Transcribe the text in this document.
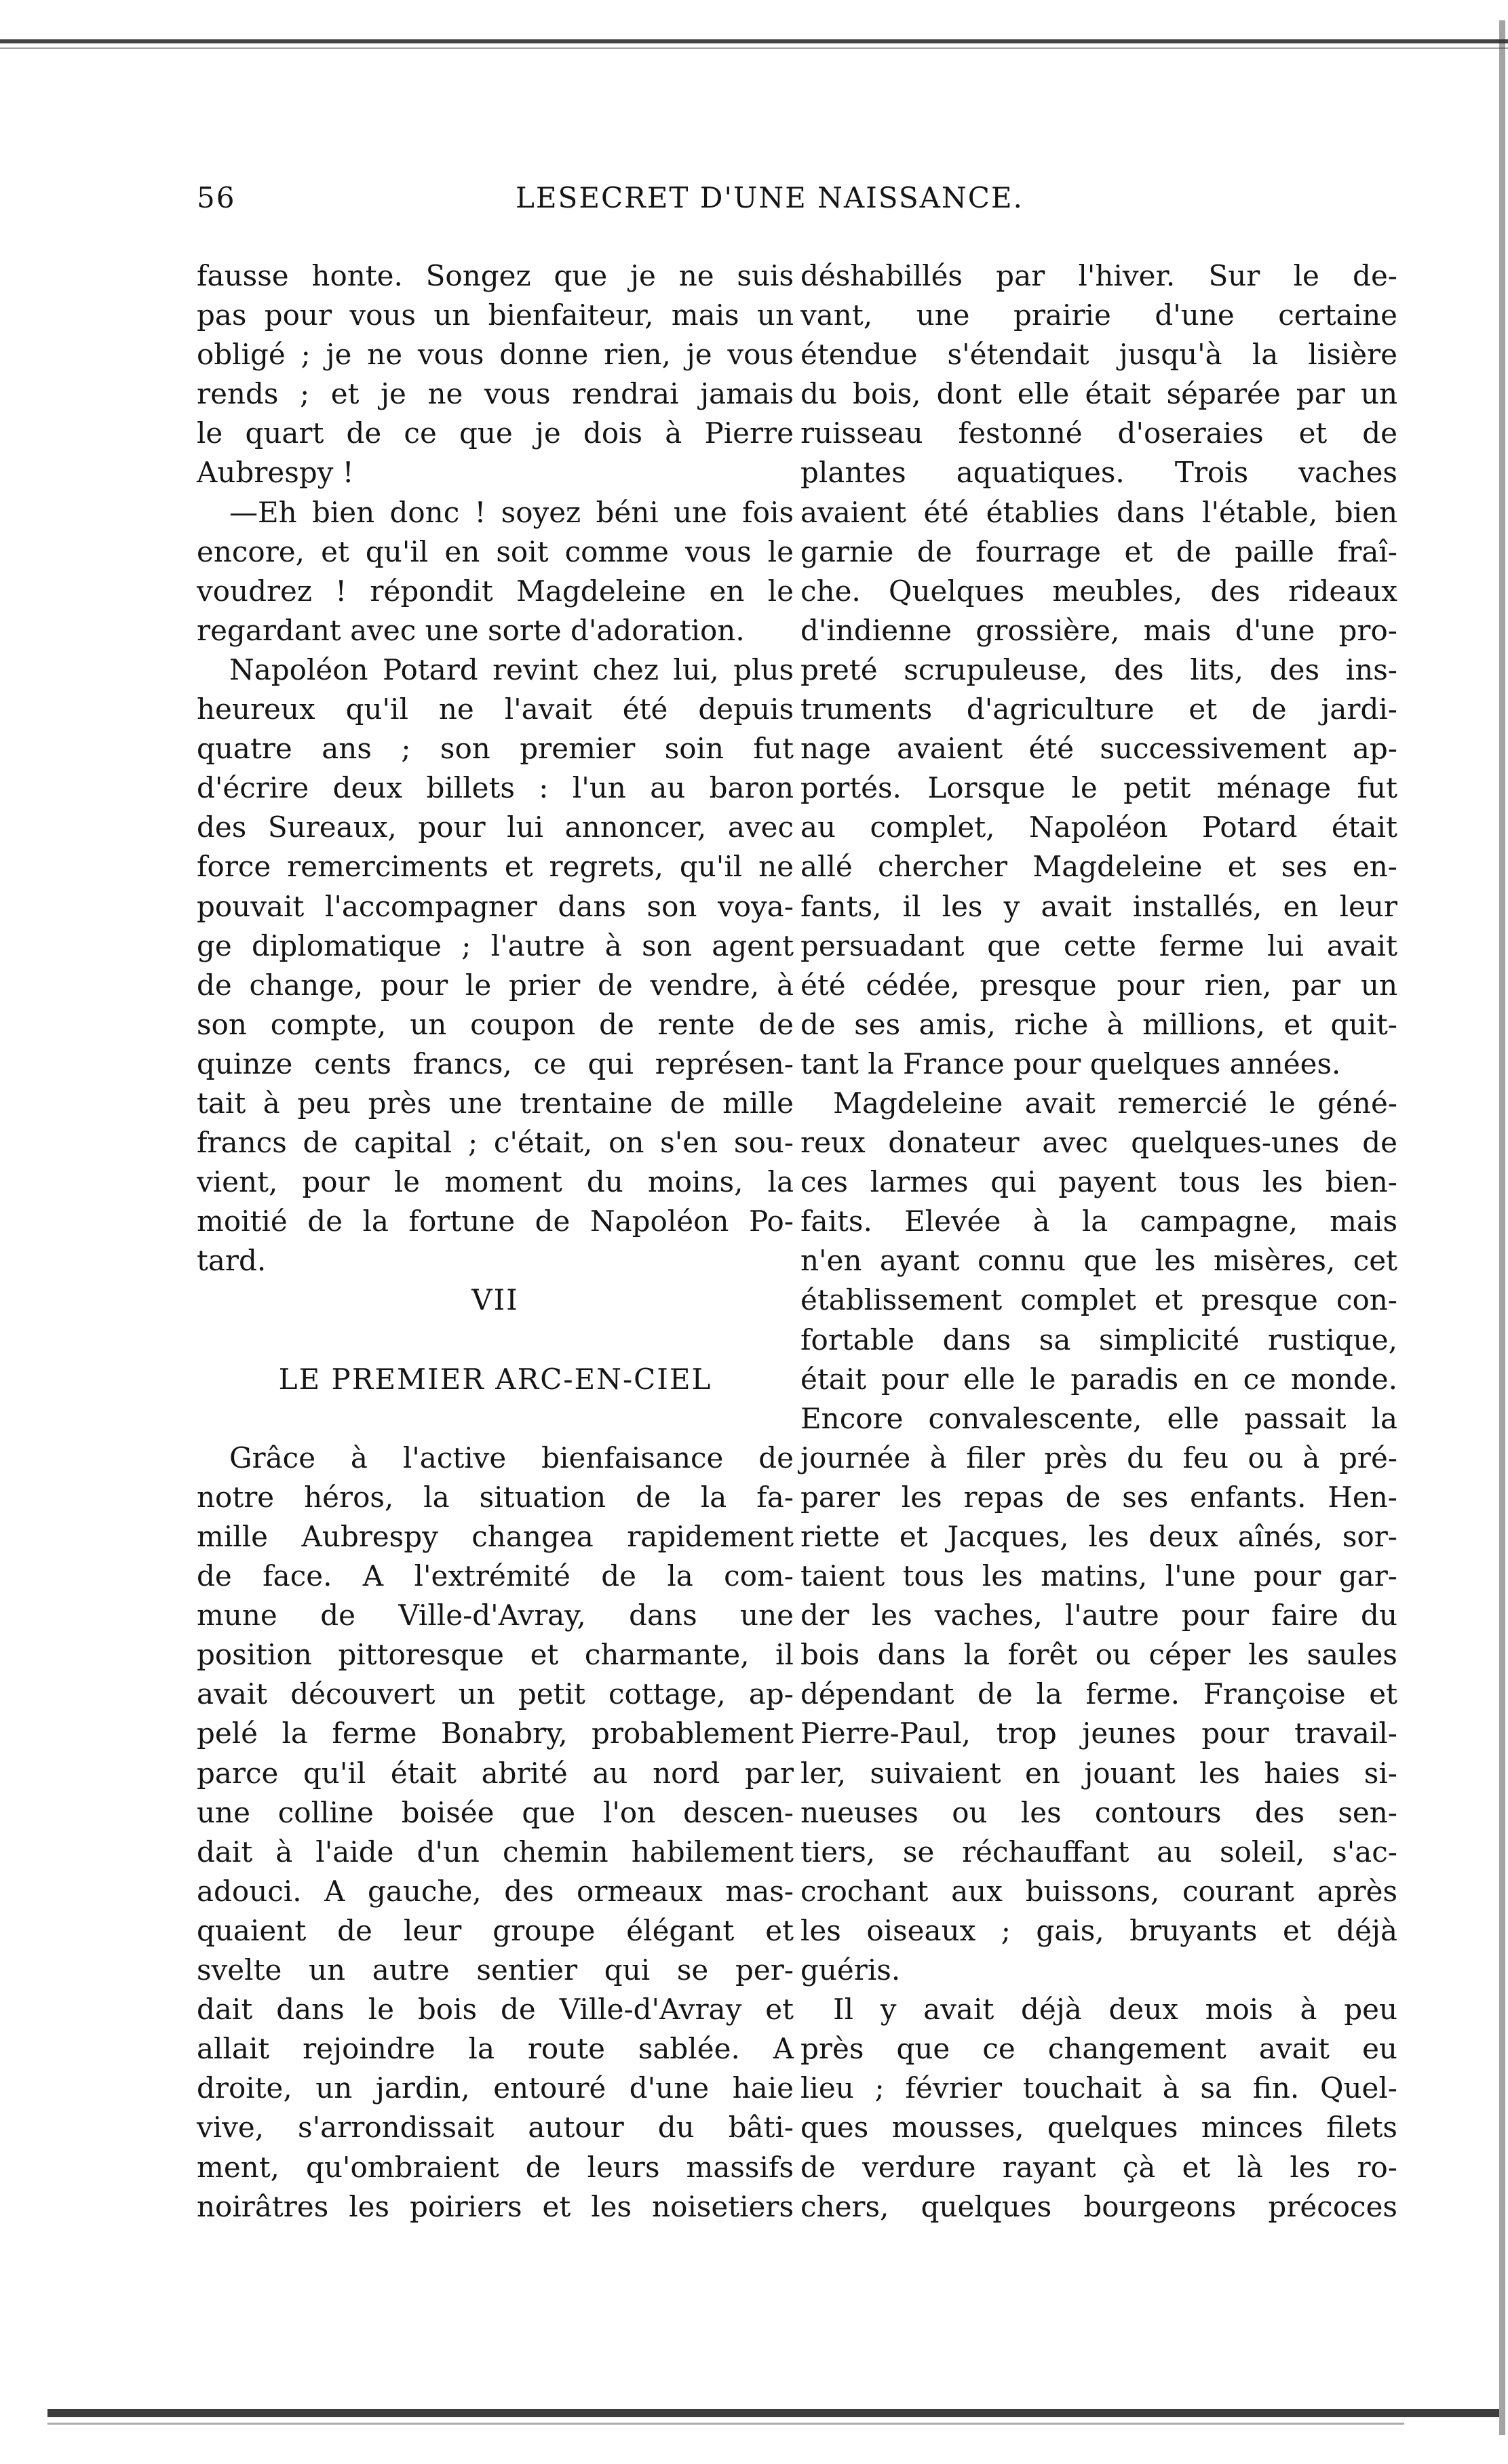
56	LESECRET D'UNE NAISSANCE.

fausse honte. Songez que je ne suis
pas pour vous un bienfaiteur, mais un
obligé ; je ne vous donne rien, je vous
rends ; et je ne vous rendrai jamais
le quart de ce que je dois à Pierre
Aubrespy !

—Eh bien donc ! soyez béni une fois
encore, et qu'il en soit comme vous le
voudrez ! répondit Magdeleine en le
regardant avec une sorte d'adoration.

Napoléon Potard revint chez lui, plus
heureux qu'il ne l'avait été depuis
quatre ans ; son premier soin fut
d'écrire deux billets : l'un au baron
des Sureaux, pour lui annoncer, avec
force remerciments et regrets, qu'il ne
pouvait l'accompagner dans son voya-
ge diplomatique ; l'autre à son agent
de change, pour le prier de vendre, à
son compte, un coupon de rente de
quinze cents francs, ce qui représen-
tait à peu près une trentaine de mille
francs de capital ; c'était, on s'en sou-
vient, pour le moment du moins, la
moitié de la fortune de Napoléon Po-
tard.

VII

LE PREMIER ARC-EN-CIEL

Grâce à l'active bienfaisance de
notre héros, la situation de la fa-
mille Aubrespy changea rapidement
de face. A l'extrémité de la com-
mune de Ville-d'Avray, dans une
position pittoresque et charmante, il
avait découvert un petit cottage, ap-
pelé la ferme Bonabry, probablement
parce qu'il était abrité au nord par
une colline boisée que l'on descen-
dait à l'aide d'un chemin habilement
adouci. A gauche, des ormeaux mas-
quaient de leur groupe élégant et
svelte un autre sentier qui se per-
dait dans le bois de Ville-d'Avray et
allait rejoindre la route sablée. A
droite, un jardin, entouré d'une haie
vive, s'arrondissait autour du bâti-
ment, qu'ombraient de leurs massifs
noirâtres les poiriers et les noisetiers

déshabillés par l'hiver. Sur le de-
vant, une prairie d'une certaine
étendue s'étendait jusqu'à la lisière
du bois, dont elle était séparée par un
ruisseau festonné d'oseraies et de
plantes aquatiques. Trois vaches
avaient été établies dans l'étable, bien
garnie de fourrage et de paille fraî-
che. Quelques meubles, des rideaux
d'indienne grossière, mais d'une pro-
preté scrupuleuse, des lits, des ins-
truments d'agriculture et de jardi-
nage avaient été successivement ap-
portés. Lorsque le petit ménage fut
au complet, Napoléon Potard était
allé chercher Magdeleine et ses en-
fants, il les y avait installés, en leur
persuadant que cette ferme lui avait
été cédée, presque pour rien, par un
de ses amis, riche à millions, et quit-
tant la France pour quelques années.

Magdeleine avait remercié le géné-
reux donateur avec quelques-unes de
ces larmes qui payent tous les bien-
faits. Elevée à la campagne, mais
n'en ayant connu que les misères, cet
établissement complet et presque con-
fortable dans sa simplicité rustique,
était pour elle le paradis en ce monde.
Encore convalescente, elle passait la
journée à filer près du feu ou à pré-
parer les repas de ses enfants. Hen-
riette et Jacques, les deux aînés, sor-
taient tous les matins, l'une pour gar-
der les vaches, l'autre pour faire du
bois dans la forêt ou céper les saules
dépendant de la ferme. Françoise et
Pierre-Paul, trop jeunes pour travail-
ler, suivaient en jouant les haies si-
nueuses ou les contours des sen-
tiers, se réchauffant au soleil, s'ac-
crochant aux buissons, courant après
les oiseaux ; gais, bruyants et déjà
guéris.

Il y avait déjà deux mois à peu
près que ce changement avait eu
lieu ; février touchait à sa fin. Quel-
ques mousses, quelques minces filets
de verdure rayant çà et là les ro-
chers, quelques bourgeons précoces
